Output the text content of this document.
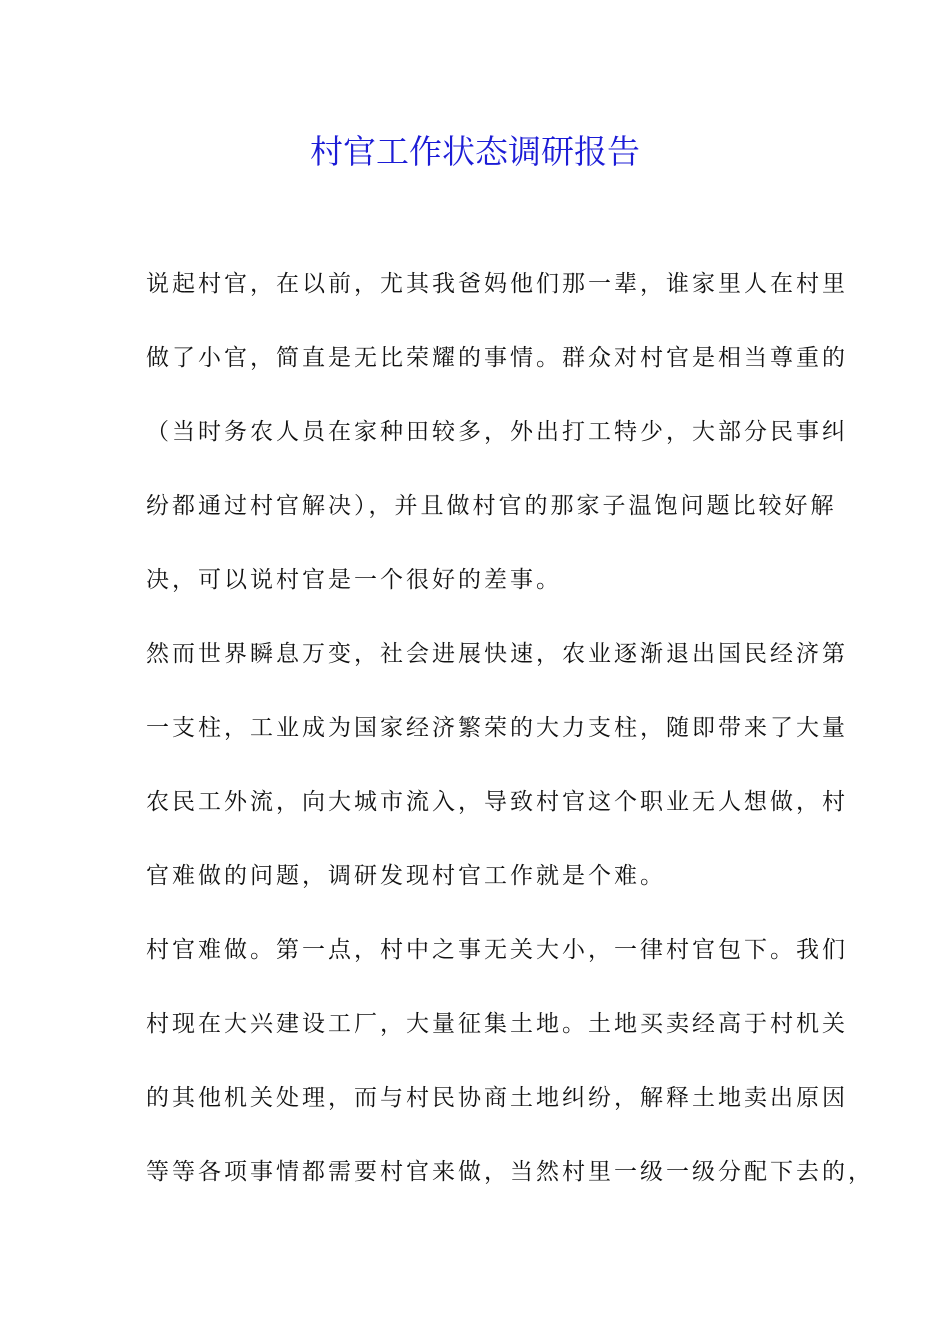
村官工作状态调研报告
说起村官，在以前，尤其我爸妈他们那一辈，谁家里人在村里
做了小官，简直是无比荣耀的事情。群众对村官是相当尊重的
（当时务农人员在家种田较多，外出打工特少，大部分民事纠
纷都通过村官解决），并且做村官的那家子温饱问题比较好解
决，可以说村官是一个很好的差事。
然而世界瞬息万变，社会进展快速，农业逐渐退出国民经济第
一支柱，工业成为国家经济繁荣的大力支柱，随即带来了大量
农民工外流，向大城市流入，导致村官这个职业无人想做，村
官难做的问题，调研发现村官工作就是个难。
村官难做。第一点，村中之事无关大小，一律村官包下。我们
村现在大兴建设工厂，大量征集土地。土地买卖经高于村机关
的其他机关处理，而与村民协商土地纠纷，解释土地卖出原因
等等各项事情都需要村官来做，当然村里一级一级分配下去的，
